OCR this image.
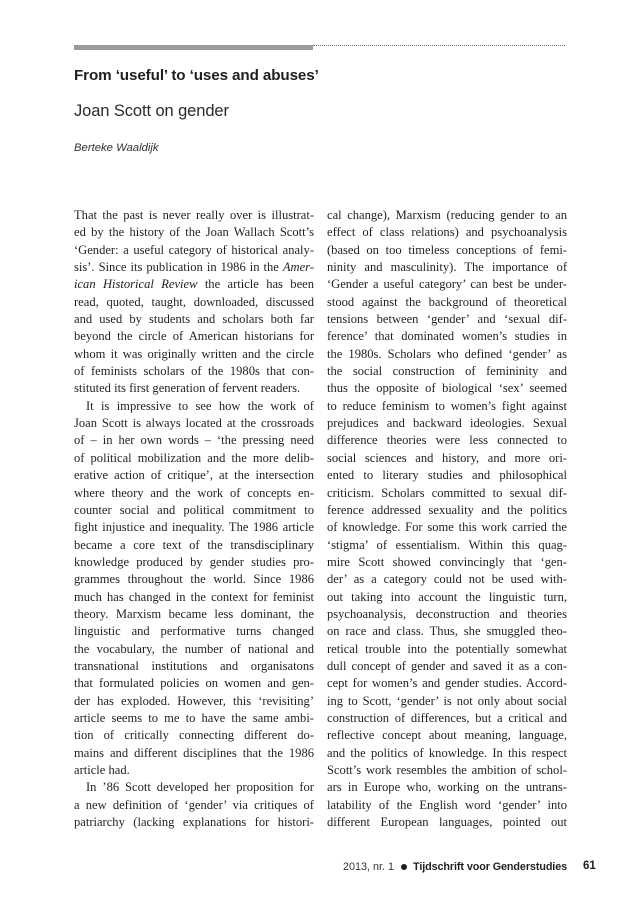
From ‘useful’ to ‘uses and abuses’
Joan Scott on gender
Berteke Waaldijk
That the past is never really over is illustrat-
ed by the history of the Joan Wallach Scott’s
‘Gender: a useful category of historical analy-
sis’. Since its publication in 1986 in the Amer-
ican Historical Review the article has been
read, quoted, taught, downloaded, discussed
and used by students and scholars both far
beyond the circle of American historians for
whom it was originally written and the circle
of feminists scholars of the 1980s that con-
stituted its first generation of fervent readers.
It is impressive to see how the work of
Joan Scott is always located at the crossroads
of – in her own words – ‘the pressing need
of political mobilization and the more delib-
erative action of critique’, at the intersection
where theory and the work of concepts en-
counter social and political commitment to
fight injustice and inequality. The 1986 article
became a core text of the transdisciplinary
knowledge produced by gender studies pro-
grammes throughout the world. Since 1986
much has changed in the context for feminist
theory. Marxism became less dominant, the
linguistic and performative turns changed
the vocabulary, the number of national and
transnational institutions and organisatons
that formulated policies on women and gen-
der has exploded. However, this ‘revisiting’
article seems to me to have the same ambi-
tion of critically connecting different do-
mains and different disciplines that the 1986
article had.
In ’86 Scott developed her proposition for
a new definition of ‘gender’ via critiques of
patriarchy (lacking explanations for histori-
cal change), Marxism (reducing gender to an
effect of class relations) and psychoanalysis
(based on too timeless conceptions of femi-
ninity and masculinity). The importance of
‘Gender a useful category’ can best be under-
stood against the background of theoretical
tensions between ‘gender’ and ‘sexual dif-
ference’ that dominated women’s studies in
the 1980s. Scholars who defined ‘gender’ as
the social construction of femininity and
thus the opposite of biological ‘sex’ seemed
to reduce feminism to women’s fight against
prejudices and backward ideologies. Sexual
difference theories were less connected to
social sciences and history, and more ori-
ented to literary studies and philosophical
criticism. Scholars committed to sexual dif-
ference addressed sexuality and the politics
of knowledge. For some this work carried the
‘stigma’ of essentialism. Within this quag-
mire Scott showed convincingly that ‘gen-
der’ as a category could not be used with-
out taking into account the linguistic turn,
psychoanalysis, deconstruction and theories
on race and class. Thus, she smuggled theo-
retical trouble into the potentially somewhat
dull concept of gender and saved it as a con-
cept for women’s and gender studies. Accord-
ing to Scott, ‘gender’ is not only about social
construction of differences, but a critical and
reflective concept about meaning, language,
and the politics of knowledge. In this respect
Scott’s work resembles the ambition of schol-
ars in Europe who, working on the untrans-
latability of the English word ‘gender’ into
different European languages, pointed out
2013, nr. 1 Tijdschrift voor Genderstudies 61
